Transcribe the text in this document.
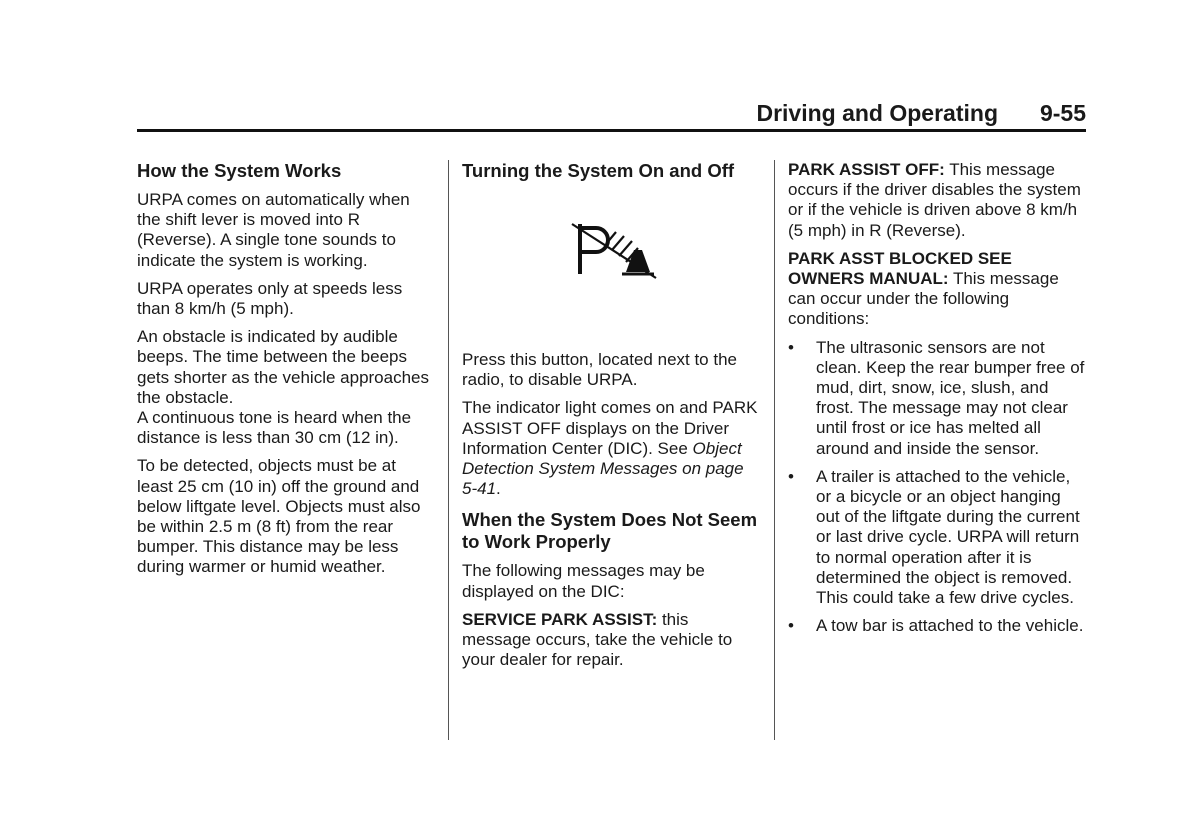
Driving and Operating 9-55
How the System Works

URPA comes on automatically when the shift lever is moved into R (Reverse). A single tone sounds to indicate the system is working.

URPA operates only at speeds less than 8 km/h (5 mph).

An obstacle is indicated by audible beeps. The time between the beeps gets shorter as the vehicle approaches the obstacle.

A continuous tone is heard when the distance is less than 30 cm (12 in).

To be detected, objects must be at least 25 cm (10 in) off the ground and below liftgate level. Objects must also be within 2.5 m (8 ft) from the rear bumper. This distance may be less during warmer or humid weather.

Turning the System On and Off

Press this button, located next to the radio, to disable URPA.

The indicator light comes on and PARK ASSIST OFF displays on the Driver Information Center (DIC). See Object Detection System Messages on page 5-41.

When the System Does Not Seem to Work Properly

The following messages may be displayed on the DIC:

SERVICE PARK ASSIST: this message occurs, take the vehicle to your dealer for repair.

PARK ASSIST OFF: This message occurs if the driver disables the system or if the vehicle is driven above 8 km/h (5 mph) in R (Reverse).

PARK ASST BLOCKED SEE OWNERS MANUAL: This message can occur under the following conditions:

• The ultrasonic sensors are not clean. Keep the rear bumper free of mud, dirt, snow, ice, slush, and frost. The message may not clear until frost or ice has melted all around and inside the sensor.
• A trailer is attached to the vehicle, or a bicycle or an object hanging out of the liftgate during the current or last drive cycle. URPA will return to normal operation after it is determined the object is removed. This could take a few drive cycles.
• A tow bar is attached to the vehicle.
